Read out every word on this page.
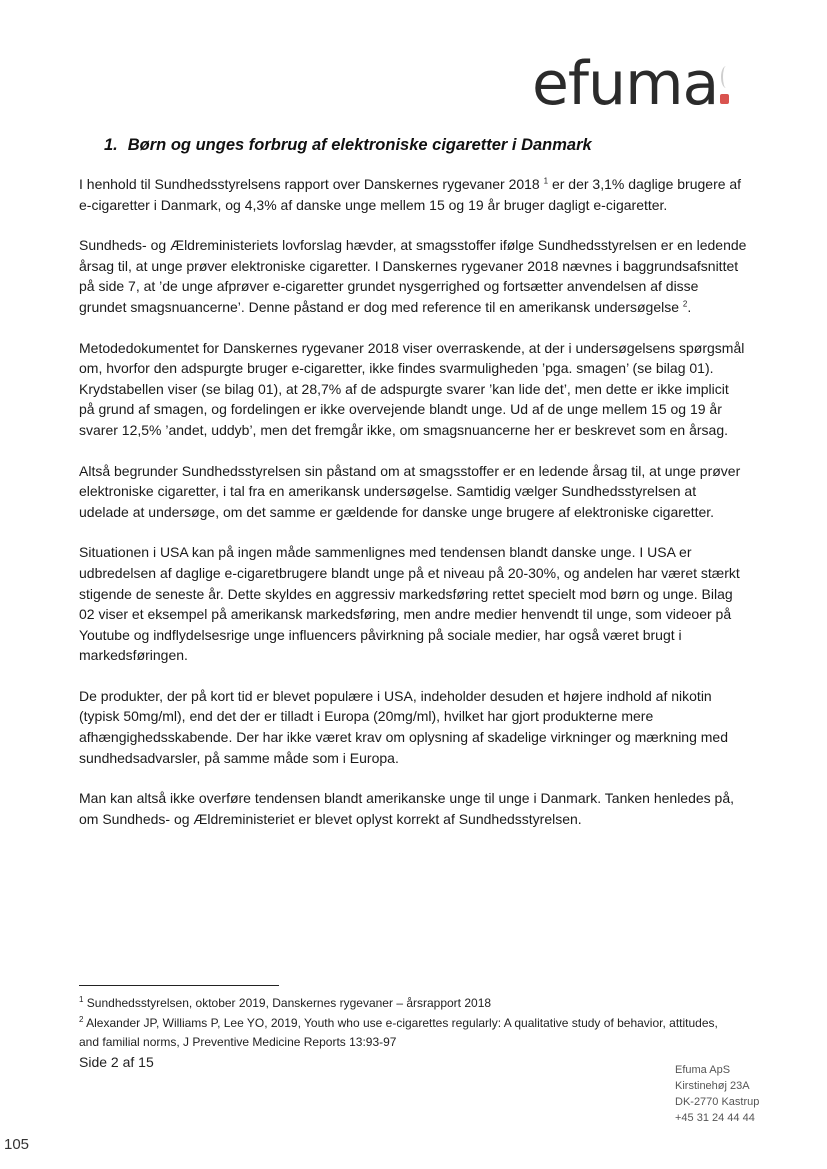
efuma
1. Børn og unges forbrug af elektroniske cigaretter i Danmark

I henhold til Sundhedsstyrelsens rapport over Danskernes rygevaner 2018 $^1$ er der 3,1% daglige brugere af e-cigaretter i Danmark, og 4,3% af danske unge mellem 15 og 19 år bruger dagligt e-cigaretter.

Sundheds- og Ældreministeriets lovforslag hævder, at smagsstoffer ifølge Sundhedsstyrelsen er en ledende årsag til, at unge prøver elektroniske cigaretter. I Danskernes rygevaner 2018 nævnes i baggrundsafsnittet på side 7, at ’de unge afprøver e-cigaretter grundet nysgerrighed og fortsætter anvendelsen af disse grundet smagsnuancerne’. Denne påstand er dog med reference til en amerikansk undersøgelse $^2$.

Metodedokumentet for Danskernes rygevaner 2018 viser overraskende, at der i undersøgelsens spørgsmål om, hvorfor den adspurgte bruger e-cigaretter, ikke findes svarmuligheden ’pga. smagen’ (se bilag 01). Krydstabellen viser (se bilag 01), at 28,7% af de adspurgte svarer ’kan lide det’, men dette er ikke implicit på grund af smagen, og fordelingen er ikke overvejende blandt unge. Ud af de unge mellem 15 og 19 år svarer 12,5% ’andet, uddyb’, men det fremgår ikke, om smagsnuancerne her er beskrevet som en årsag.

Altså begrunder Sundhedsstyrelsen sin påstand om at smagsstoffer er en ledende årsag til, at unge prøver elektroniske cigaretter, i tal fra en amerikansk undersøgelse. Samtidig vælger Sundhedsstyrelsen at udelade at undersøge, om det samme er gældende for danske unge brugere af elektroniske cigaretter.

Situationen i USA kan på ingen måde sammenlignes med tendensen blandt danske unge. I USA er udbredelsen af daglige e-cigaretbrugere blandt unge på et niveau på 20-30%, og andelen har været stærkt stigende de seneste år. Dette skyldes en aggressiv markedsføring rettet specielt mod børn og unge. Bilag 02 viser et eksempel på amerikansk markedsføring, men andre medier henvendt til unge, som videoer på Youtube og indflydelsesrige unge influencers påvirkning på sociale medier, har også været brugt i markedsføringen.

De produkter, der på kort tid er blevet populære i USA, indeholder desuden et højere indhold af nikotin (typisk 50mg/ml), end det der er tilladt i Europa (20mg/ml), hvilket har gjort produkterne mere afhængighedsskabende. Der har ikke været krav om oplysning af skadelige virkninger og mærkning med sundhedsadvarsler, på samme måde som i Europa.

Man kan altså ikke overføre tendensen blandt amerikanske unge til unge i Danmark. Tanken henledes på, om Sundheds- og Ældreministeriet er blevet oplyst korrekt af Sundhedsstyrelsen.

$^1$ Sundhedsstyrelsen, oktober 2019, Danskernes rygevaner – årsrapport 2018
$^2$ Alexander JP, Williams P, Lee YO, 2019, Youth who use e-cigarettes regularly: A qualitative study of behavior, attitudes, and familial norms, J Preventive Medicine Reports 13:93-97
Side 2 af 15	Efuma ApS
Kirstinehøj 23A
DK-2770 Kastrup
+45 31 24 44 44
105
